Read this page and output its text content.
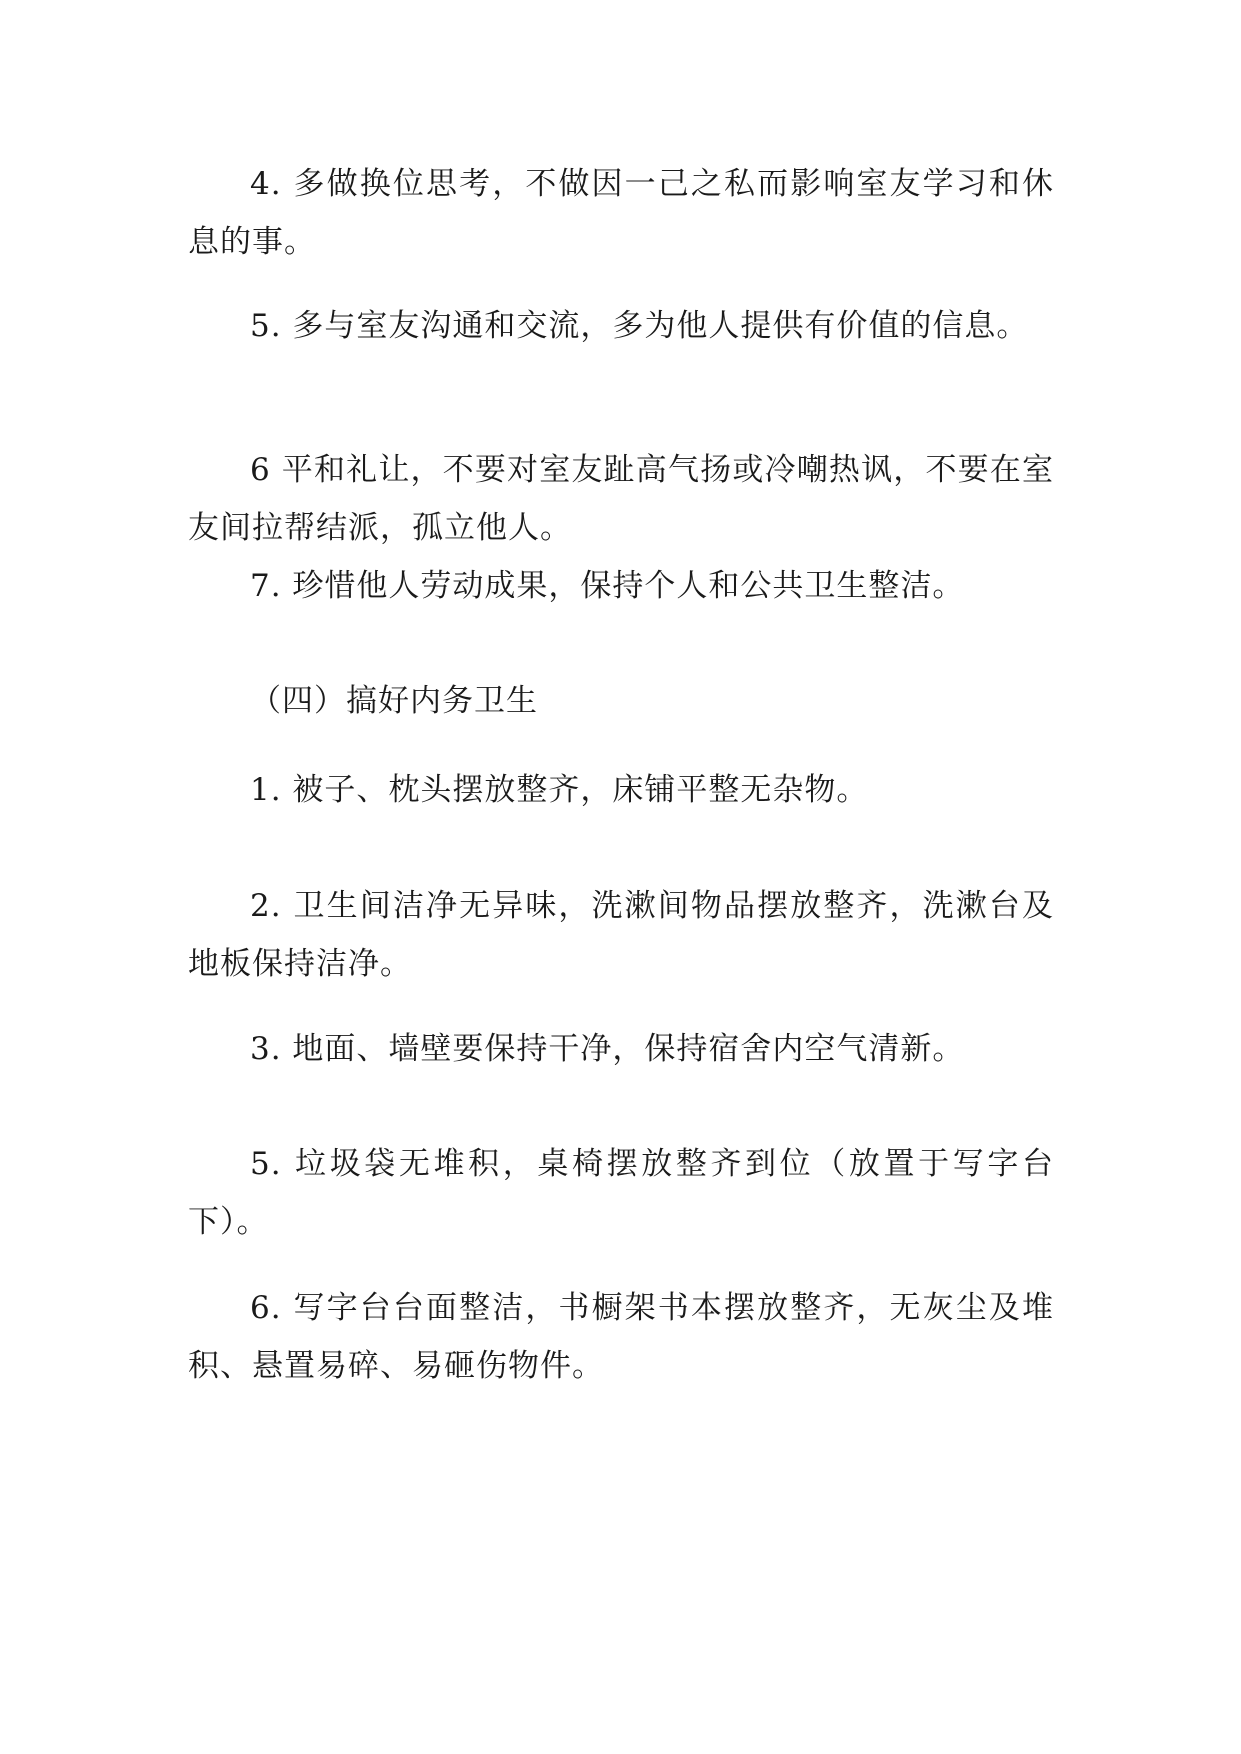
4. 多做换位思考，不做因一己之私而影响室友学习和休息的事。

5. 多与室友沟通和交流，多为他人提供有价值的信息。

6 平和礼让，不要对室友趾高气扬或冷嘲热讽，不要在室友间拉帮结派，孤立他人。

7. 珍惜他人劳动成果，保持个人和公共卫生整洁。

（四）搞好内务卫生

1. 被子、枕头摆放整齐，床铺平整无杂物。

2. 卫生间洁净无异味，洗漱间物品摆放整齐，洗漱台及地板保持洁净。

3. 地面、墙壁要保持干净，保持宿舍内空气清新。

5. 垃圾袋无堆积，桌椅摆放整齐到位（放置于写字台下）。

6. 写字台台面整洁，书橱架书本摆放整齐，无灰尘及堆积、悬置易碎、易砸伤物件。
